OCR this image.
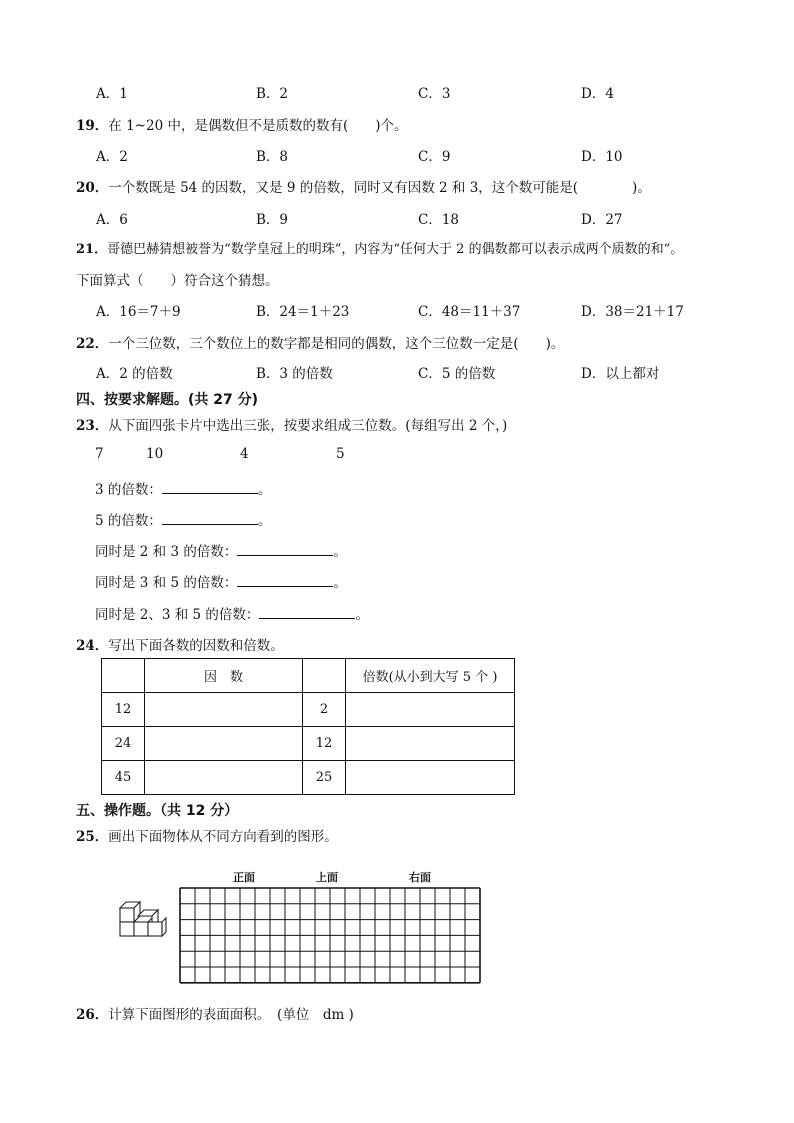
A．1	B．2	C．3	D．4
19．在 1~20 中，是偶数但不是质数的数有(　　)个。
A．2	B．8	C．9	D．10
20．一个数既是 54 的因数，又是 9 的倍数，同时又有因数 2 和 3，这个数可能是(　　　　)。
A．6	B．9	C．18	D．27
21．哥德巴赫猜想被誉为“数学皇冠上的明珠”，内容为“任何大于 2 的偶数都可以表示成两个质数的和”。
下面算式（　　）符合这个猜想。
A．16＝7＋9	B．24＝1＋23	C．48＝11＋37	D．38＝21＋17
22．一个三位数，三个数位上的数字都是相同的偶数，这个三位数一定是(　　)。
A．2 的倍数	B．3 的倍数	C．5 的倍数	D．以上都对
四、按要求解题。(共 27 分)
23．从下面四张卡片中选出三张，按要求组成三位数。(每组写出 2 个，)
7	10	4	5
3 的倍数：	。
5 的倍数：	。
同时是 2 和 3 的倍数：	。
同时是 3 和 5 的倍数：	。
同时是 2、3 和 5 的倍数：	。
24．写出下面各数的因数和倍数。
	因　数		倍数(从小到大写 5 个 )
12		2	
24		12	
45		25	
五、操作题。（共 12 分）
25．画出下面物体从不同方向看到的图形。
正面	上面	右面
26．计算下面图形的表面面积。　(单位　dm )
